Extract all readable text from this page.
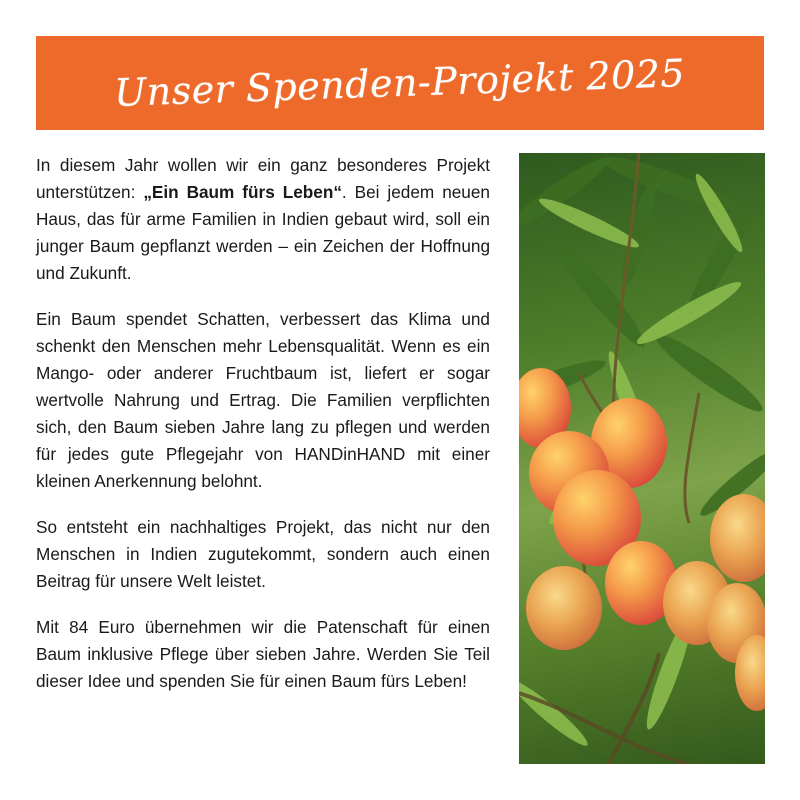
Unser Spenden-Projekt 2025

In diesem Jahr wollen wir ein ganz besonderes Projekt unterstützen: „Ein Baum fürs Leben“. Bei jedem neuen Haus, das für arme Familien in Indien gebaut wird, soll ein junger Baum gepflanzt werden – ein Zeichen der Hoffnung und Zukunft.

Ein Baum spendet Schatten, verbessert das Klima und schenkt den Menschen mehr Lebensqualität. Wenn es ein Mango- oder anderer Fruchtbaum ist, liefert er sogar wertvolle Nahrung und Ertrag. Die Familien verpflichten sich, den Baum sieben Jahre lang zu pflegen und werden für jedes gute Pflegejahr von HANDinHAND mit einer kleinen Anerkennung belohnt.

So entsteht ein nachhaltiges Projekt, das nicht nur den Menschen in Indien zugutekommt, sondern auch einen Beitrag für unsere Welt leistet.

Mit 84 Euro übernehmen wir die Patenschaft für einen Baum inklusive Pflege über sieben Jahre. Werden Sie Teil dieser Idee und spenden Sie für einen Baum fürs Leben!
